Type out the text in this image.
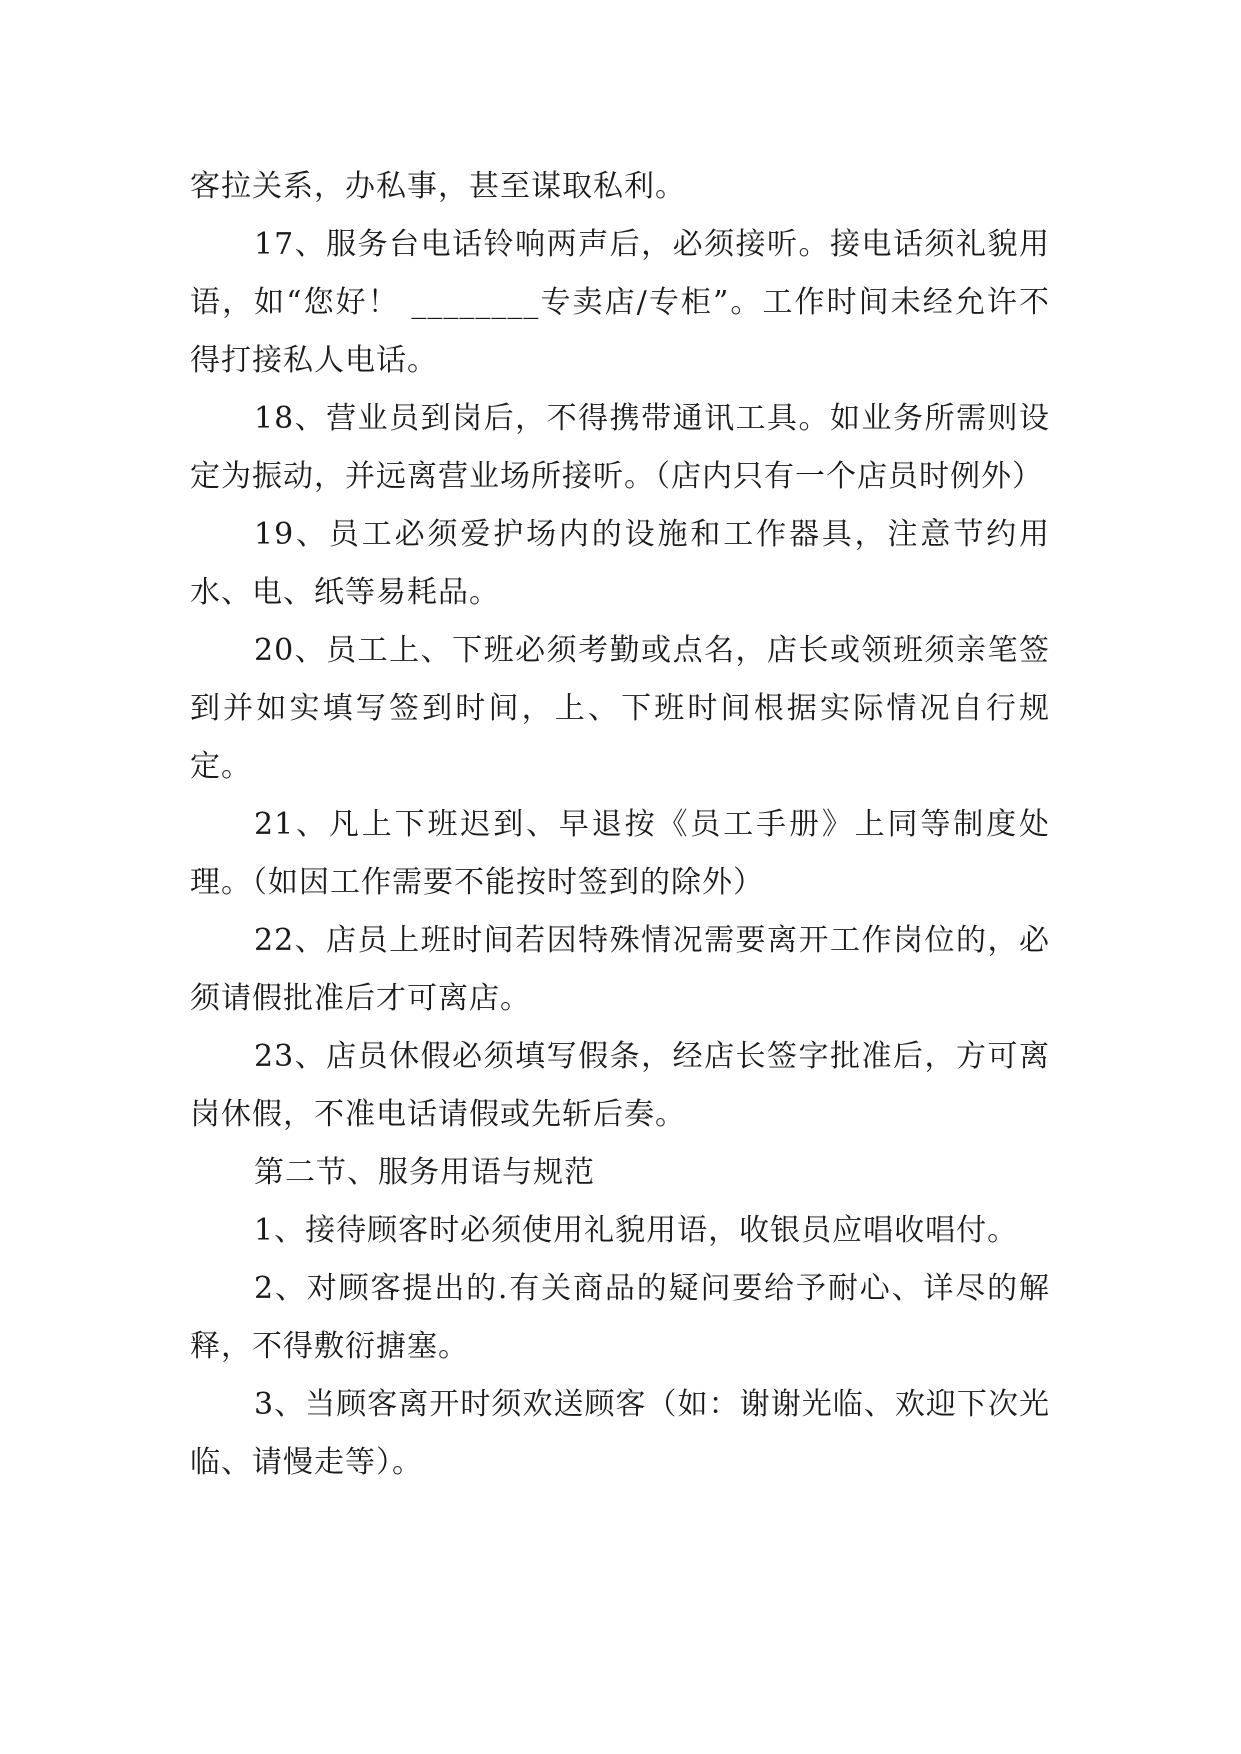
客拉关系，办私事，甚至谋取私利。

17、服务台电话铃响两声后，必须接听。接电话须礼貌用语，如“您好！ ________专卖店/专柜”。工作时间未经允许不得打接私人电话。

18、营业员到岗后，不得携带通讯工具。如业务所需则设定为振动，并远离营业场所接听。（店内只有一个店员时例外）

19、员工必须爱护场内的设施和工作器具，注意节约用水、电、纸等易耗品。

20、员工上、下班必须考勤或点名，店长或领班须亲笔签到并如实填写签到时间，上、下班时间根据实际情况自行规定。

21、凡上下班迟到、早退按《员工手册》上同等制度处理。（如因工作需要不能按时签到的除外）

22、店员上班时间若因特殊情况需要离开工作岗位的，必须请假批准后才可离店。

23、店员休假必须填写假条，经店长签字批准后，方可离岗休假，不准电话请假或先斩后奏。

第二节、服务用语与规范

1、接待顾客时必须使用礼貌用语，收银员应唱收唱付。

2、对顾客提出的.有关商品的疑问要给予耐心、详尽的解释，不得敷衍搪塞。

3、当顾客离开时须欢送顾客（如：谢谢光临、欢迎下次光临、请慢走等）。
